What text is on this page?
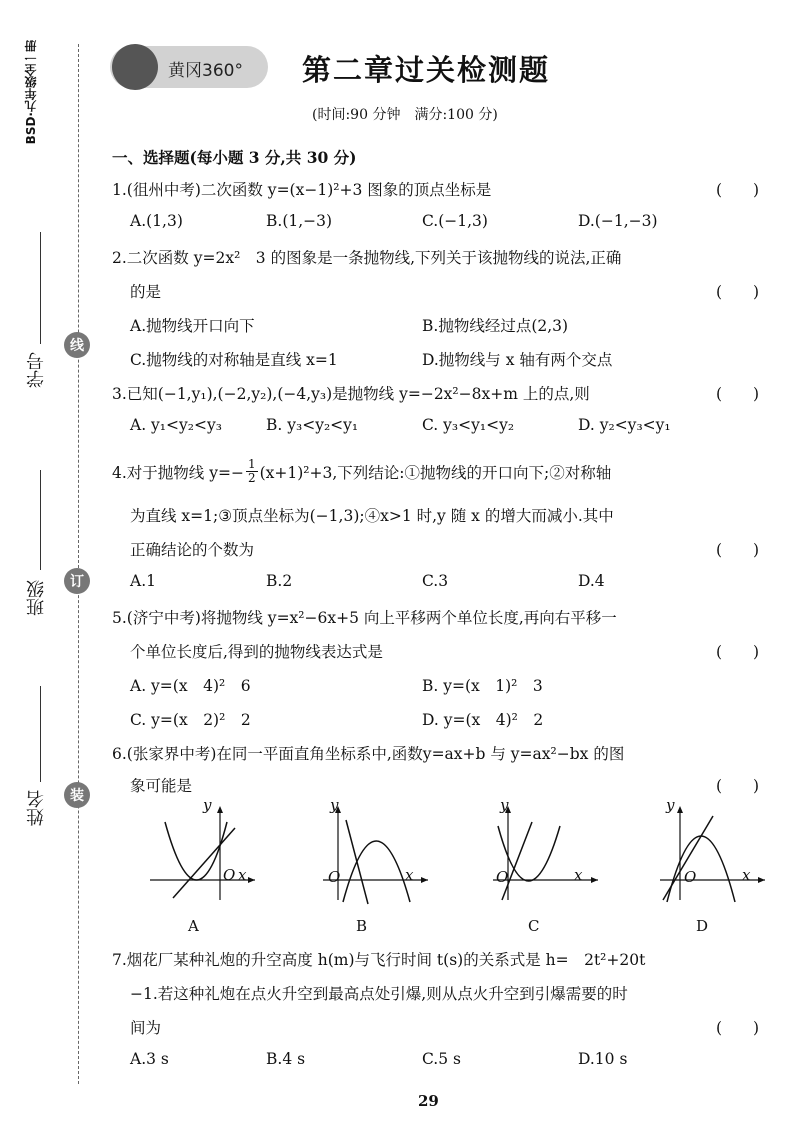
BSD·九年级全一册
线
订
装
学号
班级
姓名
黄冈360° 第二章过关检测题
(时间:90 分钟　满分:100 分)
一、选择题(每小题 3 分,共 30 分)
1.(徂州中考)二次函数 y=(x−1)²+3 图象的顶点坐标是	(　　)
A.(1,3)	B.(1,−3)	C.(−1,3)	D.(−1,−3)
2.二次函数 y=2x²　3 的图象是一条抛物线,下列关于该抛物线的说法,正确
的是	(　　)
A.抛物线开口向下	B.抛物线经过点(2,3)
C.抛物线的对称轴是直线 x=1	D.抛物线与 x 轴有两个交点
3.已知(−1,y₁),(−2,y₂),(−4,y₃)是抛物线 y=−2x²−8x+m 上的点,则	(　　)
A. y₁<y₂<y₃	B. y₃<y₂<y₁	C. y₃<y₁<y₂	D. y₂<y₃<y₁
4.对于抛物线 $y=- \frac{1}{2} (x+1)^2+3$,下列结论:①抛物线的开口向下;②对称轴
为直线 x=1;③顶点坐标为(−1,3);④x>1 时,y 随 x 的增大而减小.其中
正确结论的个数为	(　　)
A.1	B.2	C.3	D.4
5.(济宁中考)将抛物线 y=x²−6x+5 向上平移两个单位长度,再向右平移一
个单位长度后,得到的抛物线表达式是	(　　)
A. y=(x　4)²　6	B. y=(x　1)²　3
C. y=(x　2)²　2	D. y=(x　4)²　2
6.(张家界中考)在同一平面直角坐标系中,函数y=ax+b 与 y=ax²−bx 的图
象可能是	(　　)
y
x
O
A
y
x
O
B
y
x
O
C
y
x
O
D
7.烟花厂某种礼炮的升空高度 h(m)与飞行时间 t(s)的关系式是 h=　2t²+20t
−1.若这种礼炮在点火升空到最高点处引爆,则从点火升空到引爆需要的时
间为	(　　)
A.3 s	B.4 s	C.5 s	D.10 s
29
